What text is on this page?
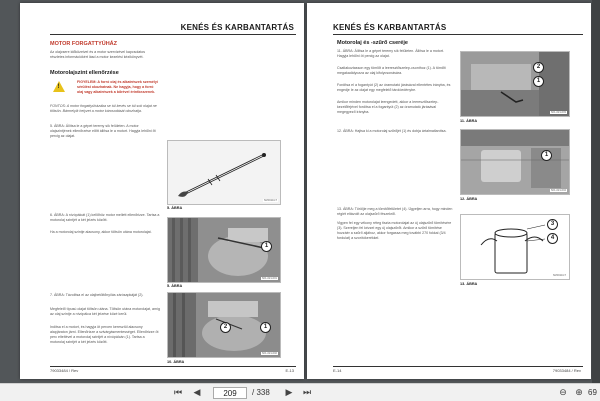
KENÉS ÉS KARBANTARTÁS
MOTOR FORGATTYÚHÁZ
Az olajcsere időközeivel és a motor szervizével kapcsolatos részletes információkért lásd a motor kezelési kézikönyvét.
Motorolajszint ellenőrzése
!
FIGYELEM: A forró olaj és alkatrészek személyi sérülést okozhatnak. Ne hagyja, hogy a forró olaj vagy alkatrészek a bőrével érintkezzenek.
FONTOS: A motor forgattyúházába se túl kevés se túl sok olajat ne töltsön. Bármelyik helyzet a motor károsodását okozhatja.
5. ÁBRA: Állítsa le a gépet teremy sík felületen. A motor olajszintjének ellenőrzése előtt állítsa le a motort. Hagyja lehűlni őt percig az olajat.
SM0311GT
5. ÁBRA
6. ÁBRA: A nívópálcát (1) kellőhöz motor mellett ellenőrizze. Tartsa a motorolaj szintjét a két jelzés között.
Ha a motorolaj szintje alacsony, akkor töltsön utána motorolajat.
1
SF1-021-001
5. ÁBRA
7. ÁBRA: Távolítsa el az olajbetöltőnyílás zárósapkáját (2).
Megfelelő típusú olajat töltsön utána. Töltsön utána motorolajat, amíg az olaj szintje a nívópálca két jelzése közé kerül.
Indítsa el a motort, és hagyja öt percen keresztül alacsony alapjáraton járni. Ellenőrizze a szivárgásmentességet. Ellenőrizze öt perc elteltével a motorolaj szintjét a nívópálcán (1). Tartsa a motorolaj szintjét a két jelzés között.
2	1
SF1-021-002
10. ÁBRA
79033484 / Rev	E-13
KENÉS ÉS KARBANTARTÁS
Motorolaj és -szűrő cseréje
11. ÁBRA: Állítsa le a gépet teremy sík felületen. Állítsa le a motort. Hagyja lehűlni öt percig az olajat.
Csatlakoztasson egy tömlőt a leeresztőszelep-csonthoz (1). A tömlőt megakadályozza az olaj kifolycsonására.
Fordítsa el a fogantyút (2) az óramutató járásával ellentétes irányba, és engedje le az olajat egy megfelelő tárolóedénybe.
Amikor minden motorolajat leengedett, akkor a leeresztőszelep-kezelőfejével fordítsa el a fogantyút (2) az óramutató járásával megegyező irányba.
2
1
SF1-021-003
11. ÁBRA
12. ÁBRA: Hajtsa ki a motorolaj szűrőjét (1) és dobja ártalmatlanítsa.
1
SF1-021-004
12. ÁBRA
13. ÁBRA: Töröljie meg a tömítőfelületet (4). Ügyeljen arra, hogy minden régiét eltávolít az olajszűrő fészekről.
Vigyen fel egy vékony réteg tiszta motorolajat az új olajszűrő tömítésére (3). Szereljen fel kézzel egy új olajszűrőt. Amikor a szűrő tömítése hozzáér a szűrő aljához, akkor forgassa meg további 270 fokkal (3/4 fordulat) a szorítókerékkel.
3
4
SM0311GT
13. ÁBRA
E-14	79033484 / Rev
⏮	◀	209	/ 338	▶	⏭	⊖ ⊕ 69
